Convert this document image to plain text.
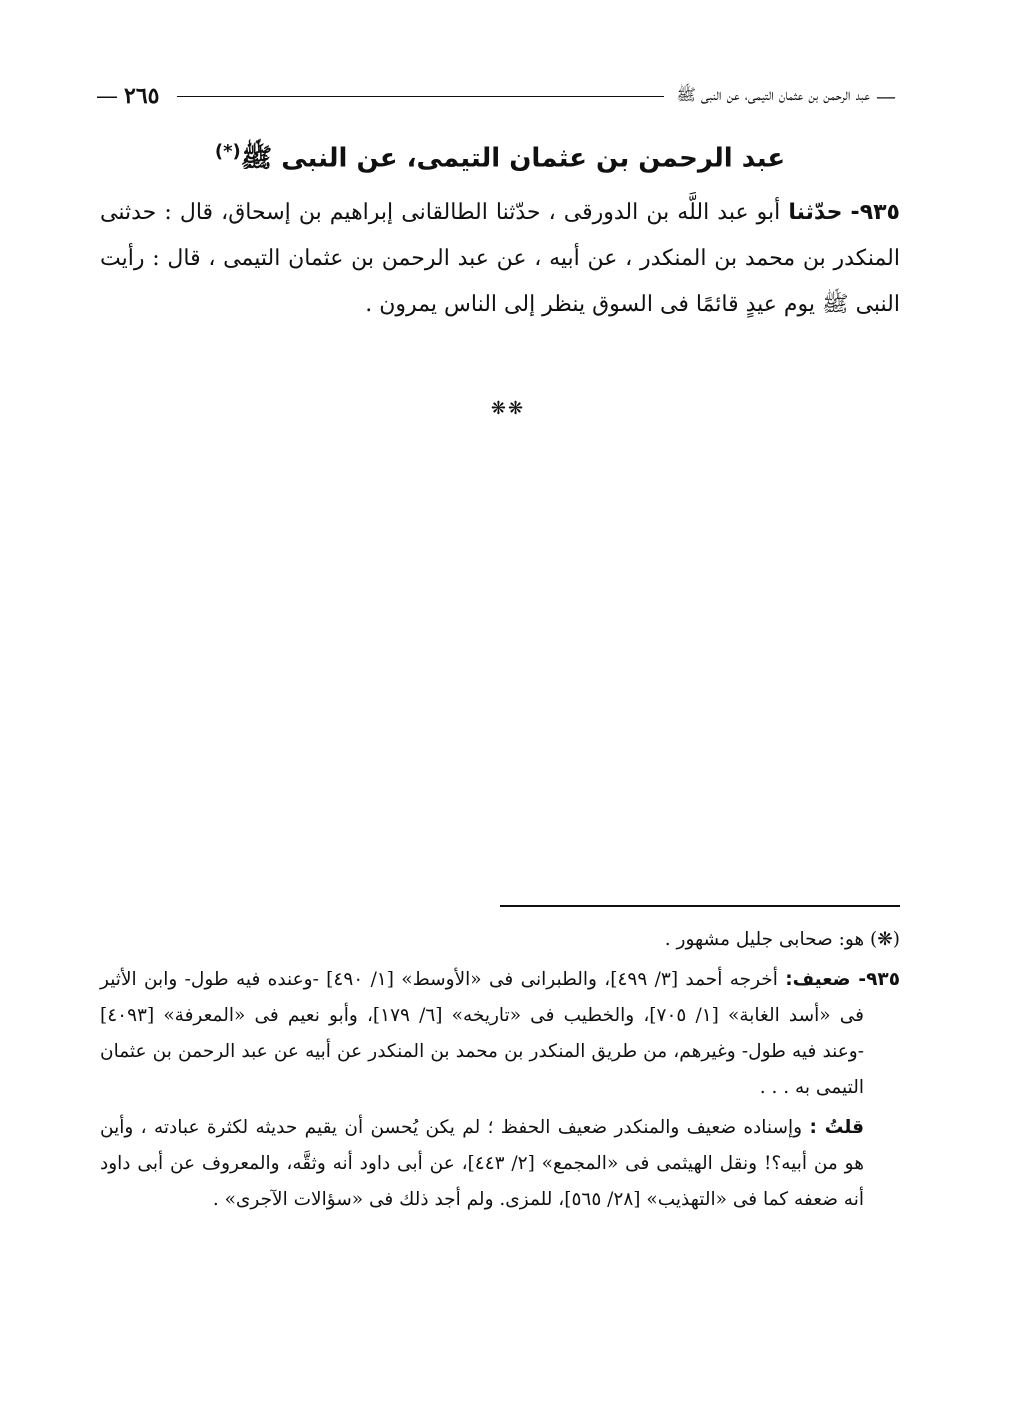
—
عبد الرحمن بن عثمان التيمى، عن النبى ﷺ
٢٦٥—
عبد الرحمن بن عثمان التيمى، عن النبى ﷺ(*)
٩٣٥- حدّثنا أبو عبد اللَّه بن الدورقى ، حدّثنا الطالقانى إبراهيم بن إسحاق، قال : حدثنى المنكدر بن محمد بن المنكدر ، عن أبيه ، عن عبد الرحمن بن عثمان التيمى ، قال : رأيت النبى ﷺ يوم عيدٍ قائمًا فى السوق ينظر إلى الناس يمرون .
❋❋

(❋) هو: صحابى جليل مشهور .

٩٣٥- ضعيف: أخرجه أحمد [٣/ ٤٩٩]، والطبرانى فى «الأوسط» [١/ ٤٩٠] -وعنده فيه طول- وابن الأثير فى «أسد الغابة» [١/ ٧٠٥]، والخطيب فى «تاريخه» [٦/ ١٧٩]، وأبو نعيم فى «المعرفة» [٤٠٩٣] -وعند فيه طول- وغيرهم، من طريق المنكدر بن محمد بن المنكدر عن أبيه عن عبد الرحمن بن عثمان التيمى به . . .

قلتُ : وإسناده ضعيف والمنكدر ضعيف الحفظ ؛ لم يكن يُحسن أن يقيم حديثه لكثرة عبادته ، وأين هو من أبيه؟! ونقل الهيثمى فى «المجمع» [٢/ ٤٤٣]، عن أبى داود أنه وثقَّه، والمعروف عن أبى داود أنه ضعفه كما فى «التهذيب» [٢٨/ ٥٦٥]، للمزى. ولم أجد ذلك فى «سؤالات الآجرى» .
